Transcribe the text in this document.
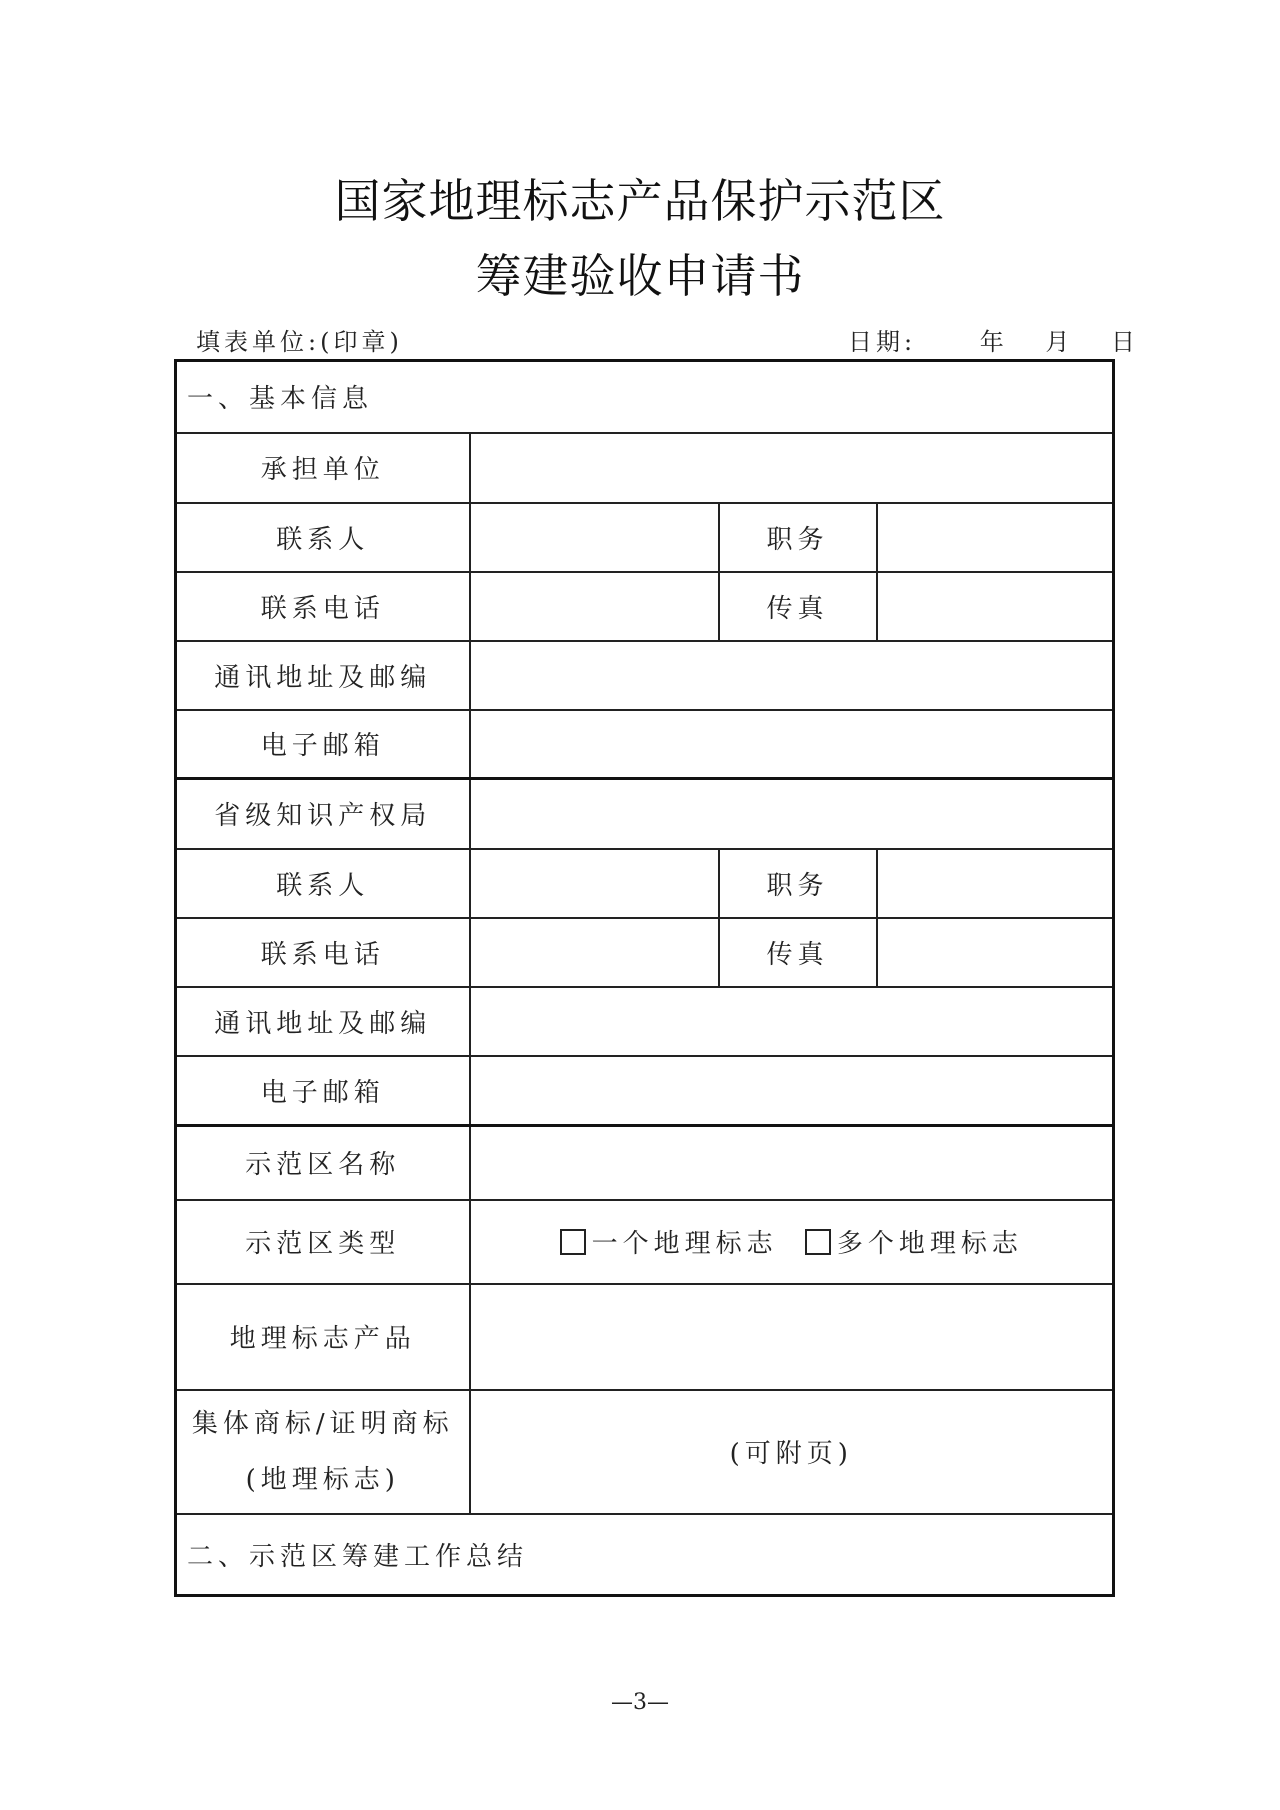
国家地理标志产品保护示范区
筹建验收申请书
填表单位:(印章)	日期:	年 月 日
一、基本信息			
承担单位			
联系人		职务	
联系电话		传真	
通讯地址及邮编			
电子邮箱			
省级知识产权局			
联系人		职务	
联系电话		传真	
通讯地址及邮编			
电子邮箱			
示范区名称			
示范区类型	一个地理标志 多个地理标志		
地理标志产品			

集体商标/证明商标
(地理标志)	(可附页)		
二、示范区筹建工作总结			
—3—
